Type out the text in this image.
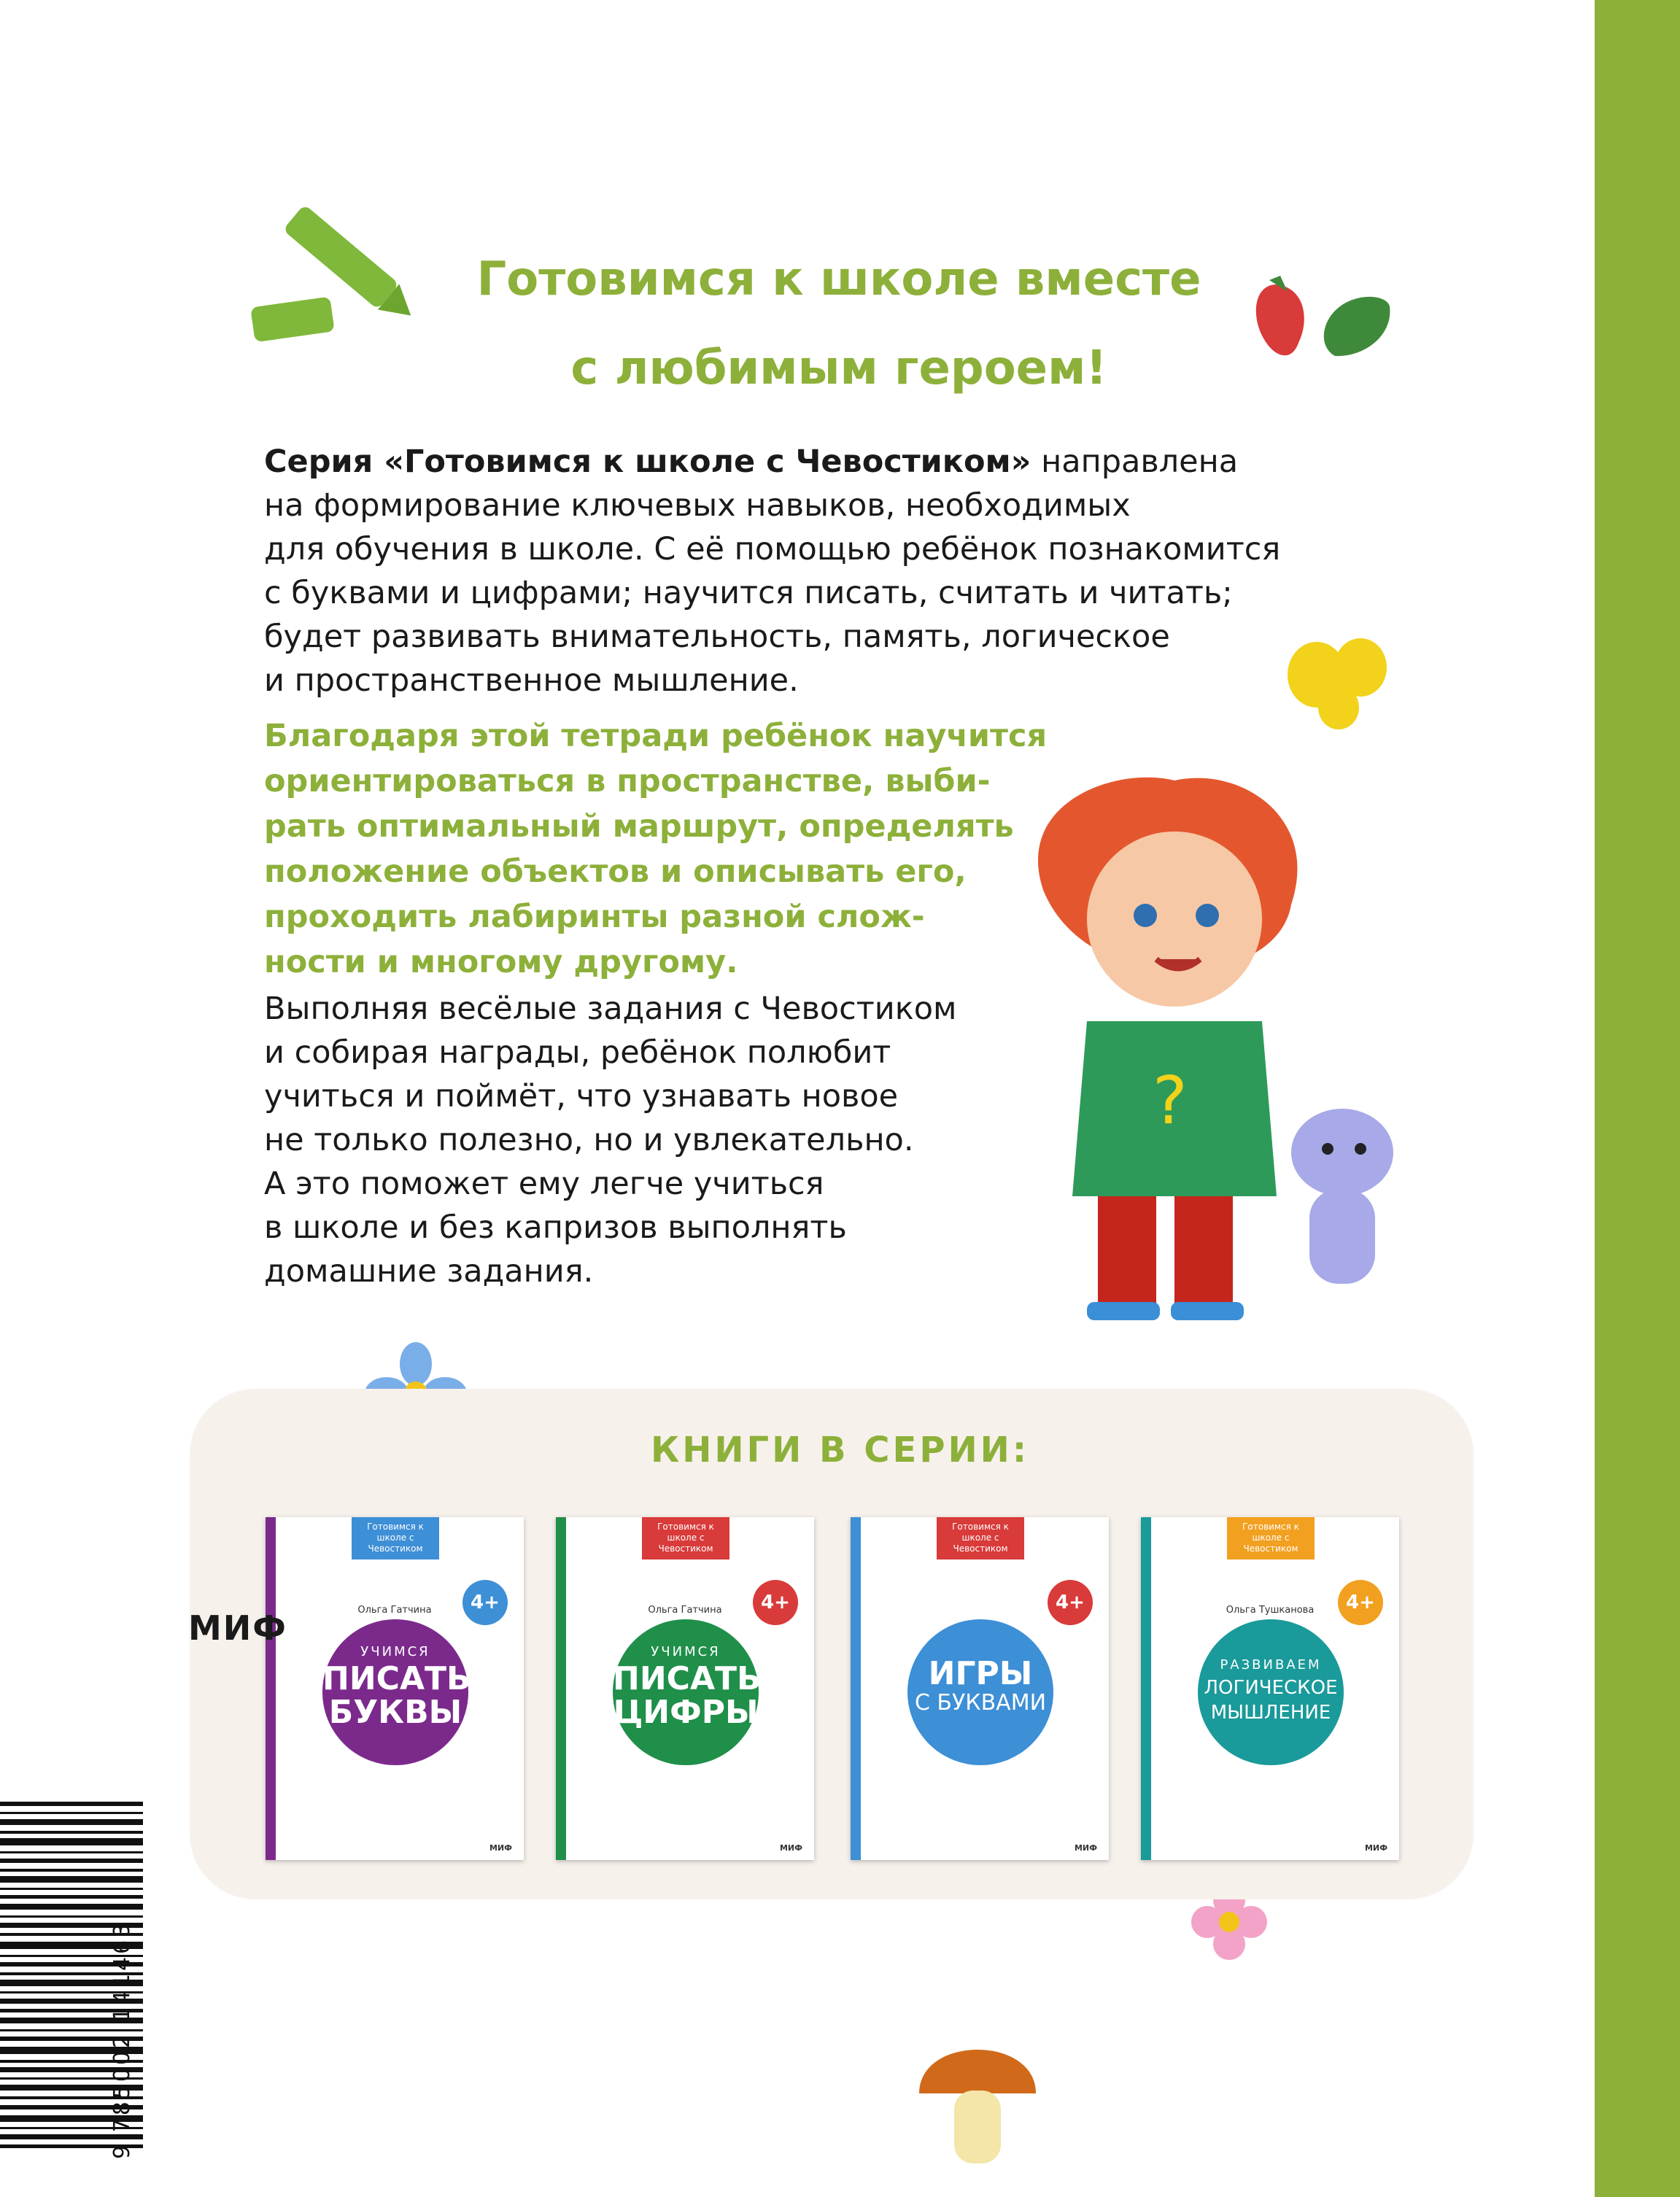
?
Готовимся к школе вместе
с любимым героем!

Серия «Готовимся к школе с Чевостиком» направлена
на формирование ключевых навыков, необходимых
для обучения в школе. С её помощью ребёнок познакомится
с буквами и цифрами; научится писать, считать и читать;
будет развивать внимательность, память, логическое
и пространственное мышление.

Благодаря этой тетради ребёнок научится
ориентироваться в пространстве, выби-
рать оптимальный маршрут, определять
положение объектов и описывать его,
проходить лабиринты разной слож-
ности и многому другому.

Выполняя весёлые задания с Чевостиком
и собирая награды, ребёнок полюбит
учиться и поймёт, что узнавать новое
не только полезно, но и увлекательно.
А это поможет ему легче учиться
в школе и без капризов выполнять
домашние задания.

КНИГИ В СЕРИИ:
Готовимся к школе с Чевостиком
4+
Ольга Гатчина
УЧИМСЯ
ПИСАТЬ
БУКВЫ
МИФ
Готовимся к школе с Чевостиком
4+
Ольга Гатчина
УЧИМСЯ
ПИСАТЬ
ЦИФРЫ
МИФ
Готовимся к школе с Чевостиком
4+
ИГРЫ
С БУКВАМИ
МИФ
Готовимся к школе с Чевостиком
4+
Ольга Тушканова
РАЗВИВАЕМ
ЛОГИЧЕСКОЕ
МЫШЛЕНИЕ
МИФ
9 785002 141463
МИФ
